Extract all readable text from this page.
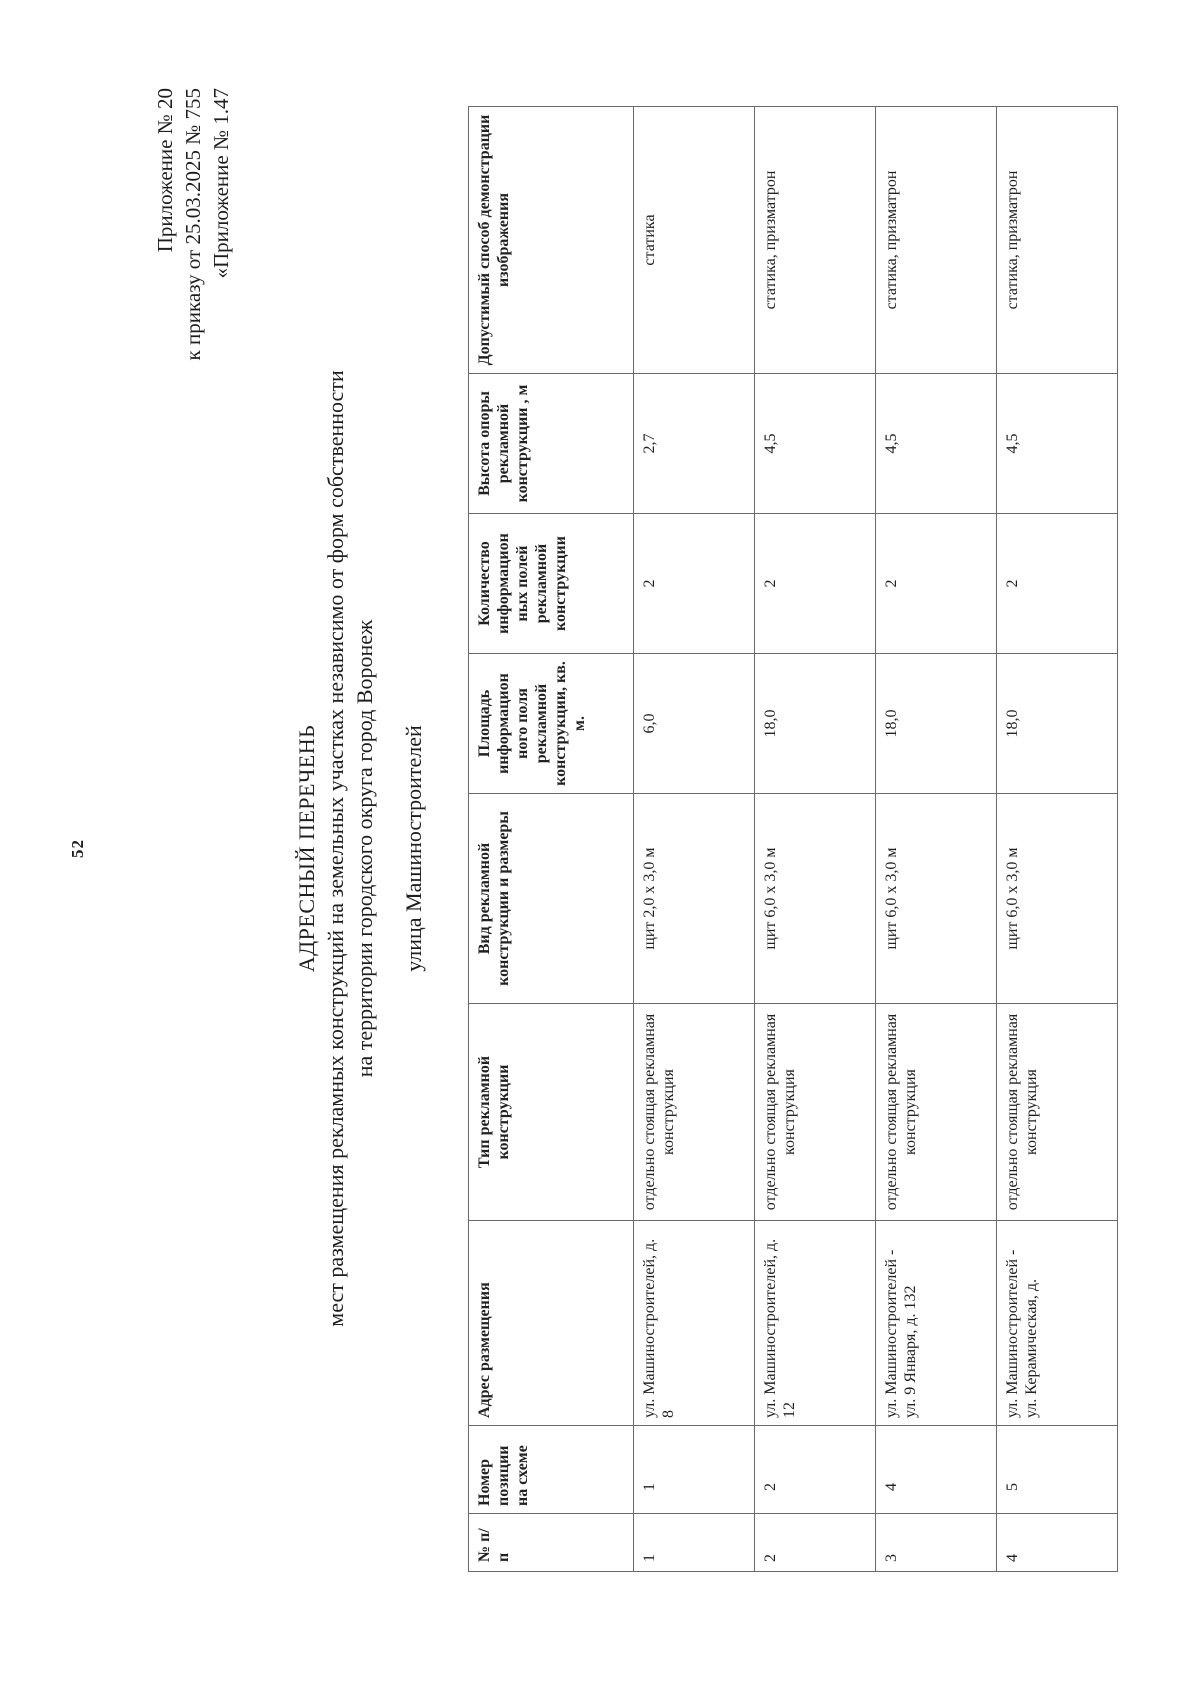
52
Приложение № 20 к приказу от 25.03.2025 № 755 «Приложение № 1.47
АДРЕСНЫЙ ПЕРЕЧЕНЬ мест размещения рекламных конструкций на земельных участках независимо от форм собственности на территории городского округа город Воронеж улица Машиностроителей
№ п/п	Номер позиции на схеме	Адрес размещения	Тип рекламной конструкции	Вид рекламной конструкции и размеры	Площадь информацион ного поля рекламной конструкции, кв. м.	Количество информацион ных полей рекламной конструкции	Высота опоры рекламной конструкции , м	Допустимый способ демонстрации изображения
1	1	ул. Машиностроителей, д. 8	отдельно стоящая рекламная конструкция	щит 2,0 х 3,0 м	6,0	2	2,7	статика
2	2	ул. Машиностроителей, д. 12	отдельно стоящая рекламная конструкция	щит 6,0 х 3,0 м	18,0	2	4,5	статика, призматрон
3	4	ул. Машиностроителей - ул. 9 Января, д. 132	отдельно стоящая рекламная конструкция	щит 6,0 х 3,0 м	18,0	2	4,5	статика, призматрон
4	5	ул. Машиностроителей - ул. Керамическая, д.	отдельно стоящая рекламная конструкция	щит 6,0 х 3,0 м	18,0	2	4,5	статика, призматрон
